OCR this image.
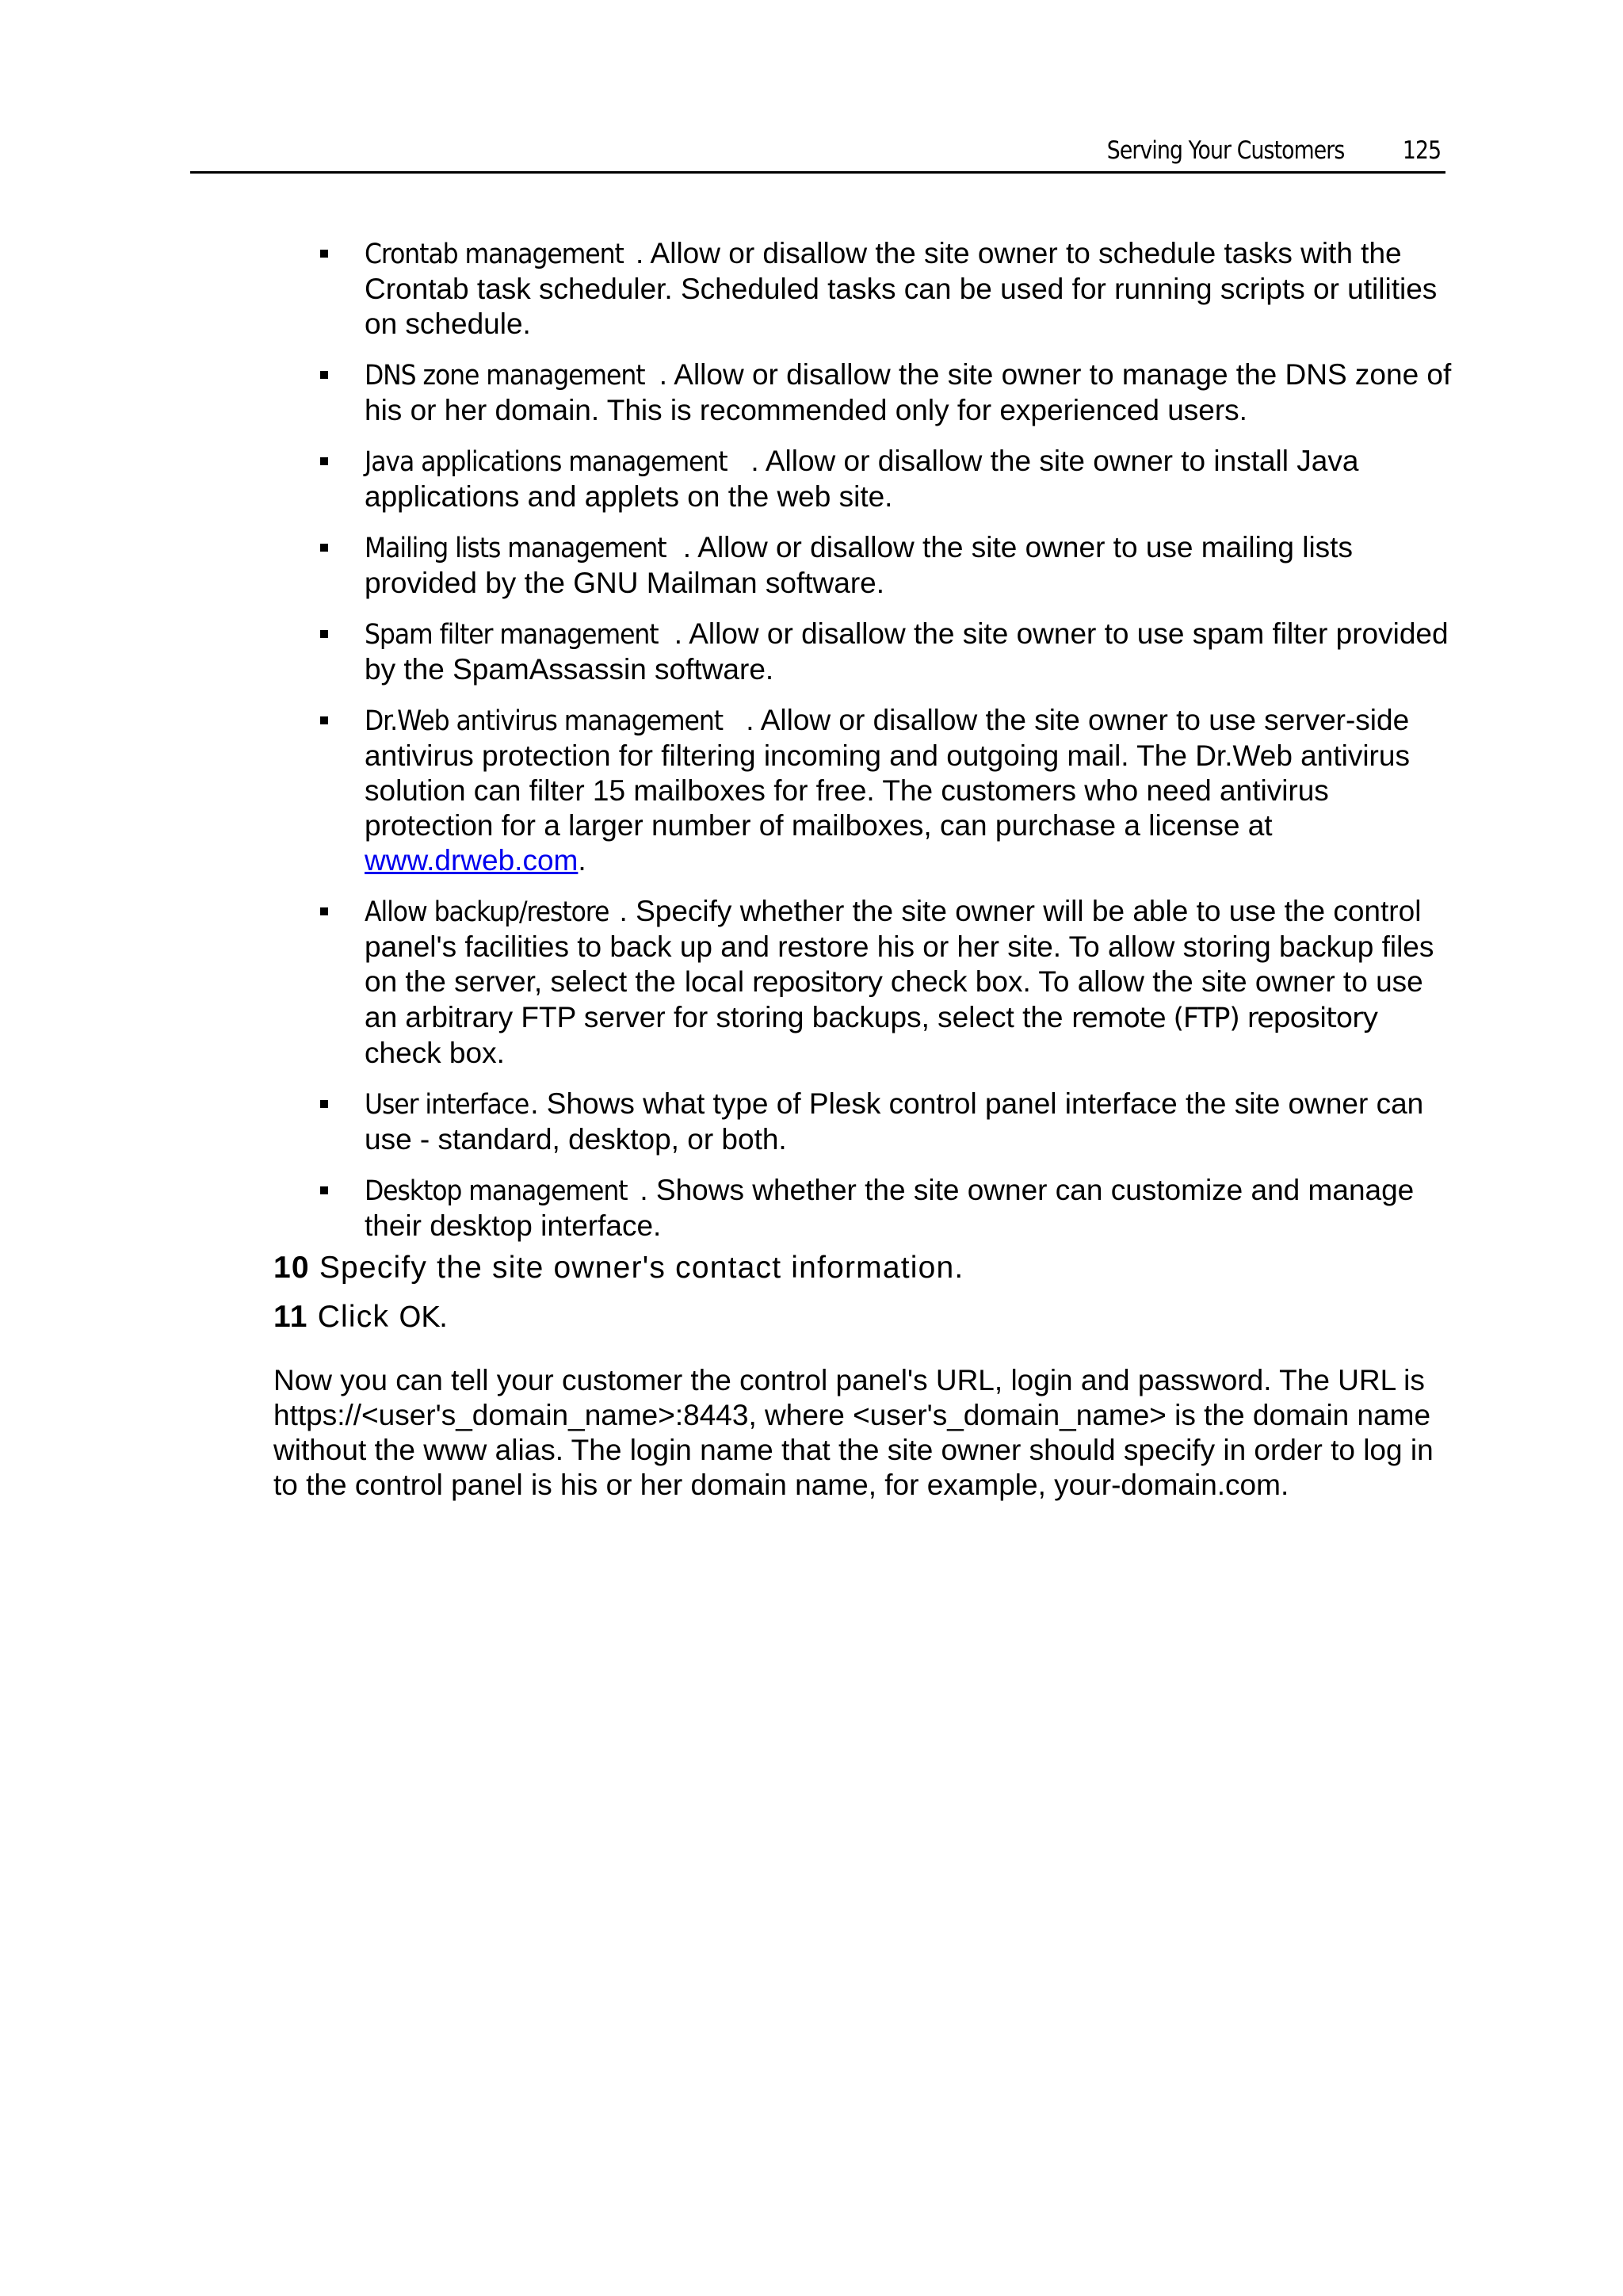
Serving Your Customers 125
Crontab management . Allow or disallow the site owner to schedule tasks with the Crontab task scheduler. Scheduled tasks can be used for running scripts or utilities on schedule.
DNS zone management . Allow or disallow the site owner to manage the DNS zone of his or her domain. This is recommended only for experienced users.
Java applications management . Allow or disallow the site owner to install Java applications and applets on the web site.
Mailing lists management . Allow or disallow the site owner to use mailing lists provided by the GNU Mailman software.
Spam filter management . Allow or disallow the site owner to use spam filter provided by the SpamAssassin software.
Dr.Web antivirus management . Allow or disallow the site owner to use server-side antivirus protection for filtering incoming and outgoing mail. The Dr.Web antivirus solution can filter 15 mailboxes for free. The customers who need antivirus protection for a larger number of mailboxes, can purchase a license at www.drweb.com.
Allow backup/restore . Specify whether the site owner will be able to use the control panel's facilities to back up and restore his or her site. To allow storing backup files on the server, select the local repository check box. To allow the site owner to use an arbitrary FTP server for storing backups, select the remote (FTP) repository check box.
User interface. Shows what type of Plesk control panel interface the site owner can use - standard, desktop, or both.
Desktop management . Shows whether the site owner can customize and manage their desktop interface.
10 Specify the site owner's contact information.
11 Click OK.

Now you can tell your customer the control panel's URL, login and password. The URL is https://<user's_domain_name>:8443, where <user's_domain_name> is the domain name without the www alias. The login name that the site owner should specify in order to log in to the control panel is his or her domain name, for example, your-domain.com.
